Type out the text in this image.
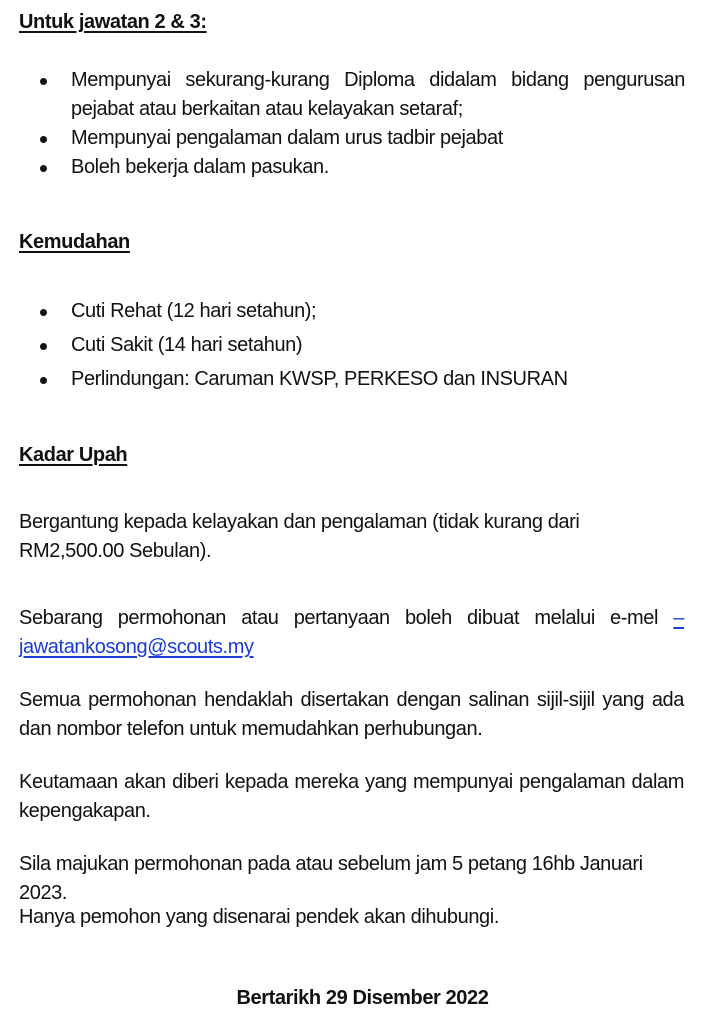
Untuk jawatan 2 & 3:
Mempunyai sekurang-kurang Diploma didalam bidang pengurusan pejabat atau berkaitan atau kelayakan setaraf;
Mempunyai pengalaman dalam urus tadbir pejabat
Boleh bekerja dalam pasukan.
Kemudahan
Cuti Rehat (12 hari setahun);
Cuti Sakit (14 hari setahun)
Perlindungan: Caruman KWSP, PERKESO dan INSURAN
Kadar Upah

Bergantung kepada kelayakan dan pengalaman (tidak kurang dari RM2,500.00 Sebulan).

Sebarang permohonan atau pertanyaan boleh dibuat melalui e-mel – jawatankosong@scouts.my

Semua permohonan hendaklah disertakan dengan salinan sijil-sijil yang ada dan nombor telefon untuk memudahkan perhubungan.

Keutamaan akan diberi kepada mereka yang mempunyai pengalaman dalam kepengakapan.

Sila majukan permohonan pada atau sebelum jam 5 petang 16hb Januari 2023.

Hanya pemohon yang disenarai pendek akan dihubungi.

Bertarikh 29 Disember 2022
